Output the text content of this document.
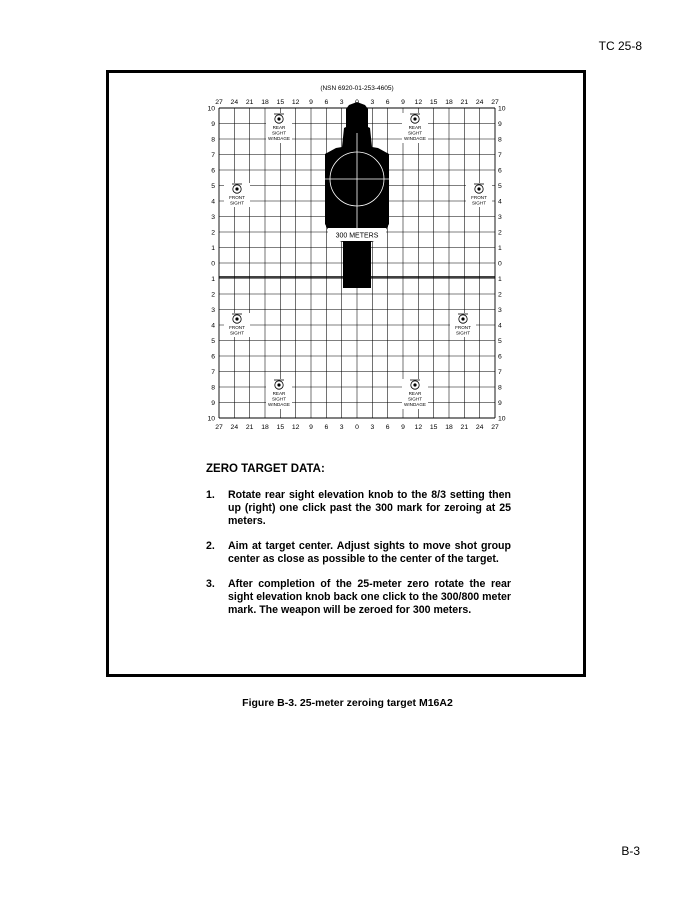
TC 25-8
(NSN 6920-01-253-4605)
27 24 21 18 15 12 9 6 3	3 6 9 12 15 18 21 24 27
27 24 21 18 15 12 9 6 3 0 3 6 9 12 15 18 21 24 27
10
9
8
7
6
5
4
3
2
1
0
1
2
3
4
5
6
7
8
9
10
10
9
8
7
6
5
4
3
2
1
0
1
2
3
4
5
6
7
8
9
10
300 METERS
REAR
SIGHT
WINDAGE
REAR
SIGHT
WINDAGE
FRONT
SIGHT
FRONT
SIGHT
FRONT
SIGHT
FRONT
SIGHT
REAR
SIGHT
WINDAGE
REAR
SIGHT
WINDAGE
ZERO TARGET DATA:
1. Rotate rear sight elevation knob to the 8/3 setting then up (right) one click past the 300 mark for zeroing at 25 meters.
2. Aim at target center. Adjust sights to move shot group center as close as possible to the center of the target.
3. After completion of the 25-meter zero rotate the rear sight elevation knob back one click to the 300/800 meter mark. The weapon will be zeroed for 300 meters.
Figure B-3. 25-meter zeroing target M16A2
B-3
